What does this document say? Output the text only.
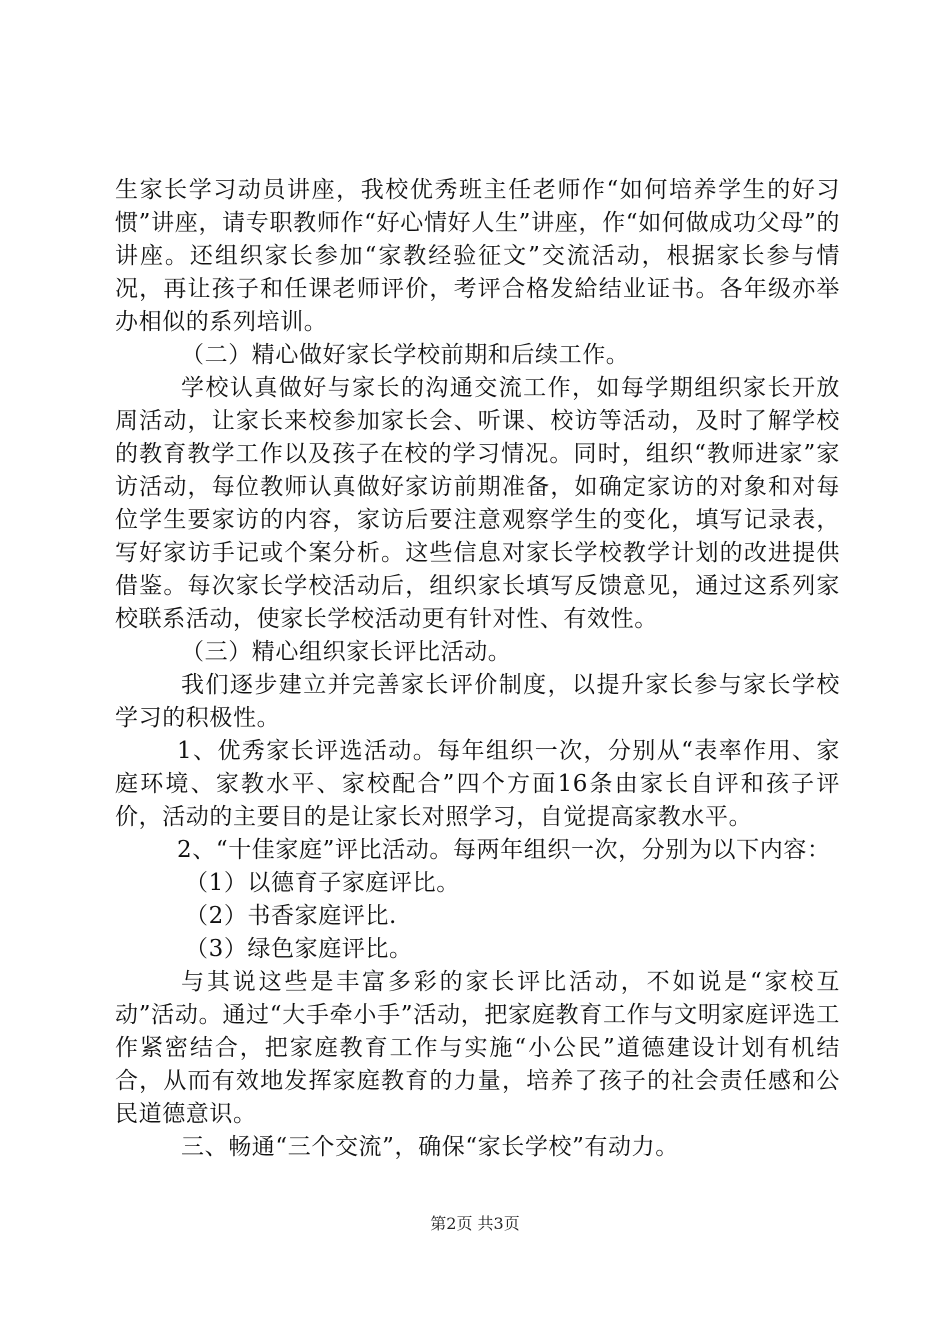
生家长学习动员讲座，我校优秀班主任老师作“如何培养学生的好习惯”讲座，请专职教师作“好心情好人生”讲座，作“如何做成功父母”的讲座。还组织家长参加“家教经验征文”交流活动，根据家长参与情况，再让孩子和任课老师评价，考评合格发給结业证书。各年级亦举办相似的系列培训。

（二）精心做好家长学校前期和后续工作。

学校认真做好与家长的沟通交流工作，如每学期组织家长开放周活动，让家长来校参加家长会、听课、校访等活动，及时了解学校的教育教学工作以及孩子在校的学习情况。同时，组织“教师进家”家访活动，每位教师认真做好家访前期准备，如确定家访的对象和对每位学生要家访的内容，家访后要注意观察学生的变化，填写记录表，写好家访手记或个案分析。这些信息对家长学校教学计划的改进提供借鉴。每次家长学校活动后，组织家长填写反馈意见，通过这系列家校联系活动，使家长学校活动更有针对性、有效性。

（三）精心组织家长评比活动。

我们逐步建立并完善家长评价制度，以提升家长参与家长学校学习的积极性。

1、优秀家长评选活动。每年组织一次，分别从“表率作用、家庭环境、家教水平、家校配合”四个方面16条由家长自评和孩子评价，活动的主要目的是让家长对照学习，自觉提高家教水平。

2、“十佳家庭”评比活动。每两年组织一次，分别为以下内容：

（1）以德育子家庭评比。

（2）书香家庭评比.

（3）绿色家庭评比。

与其说这些是丰富多彩的家长评比活动，不如说是“家校互动”活动。通过“大手牵小手”活动，把家庭教育工作与文明家庭评选工作紧密结合，把家庭教育工作与实施“小公民”道德建设计划有机结合，从而有效地发挥家庭教育的力量，培养了孩子的社会责任感和公民道德意识。

三、畅通“三个交流”，确保“家长学校”有动力。

第2页 共3页
